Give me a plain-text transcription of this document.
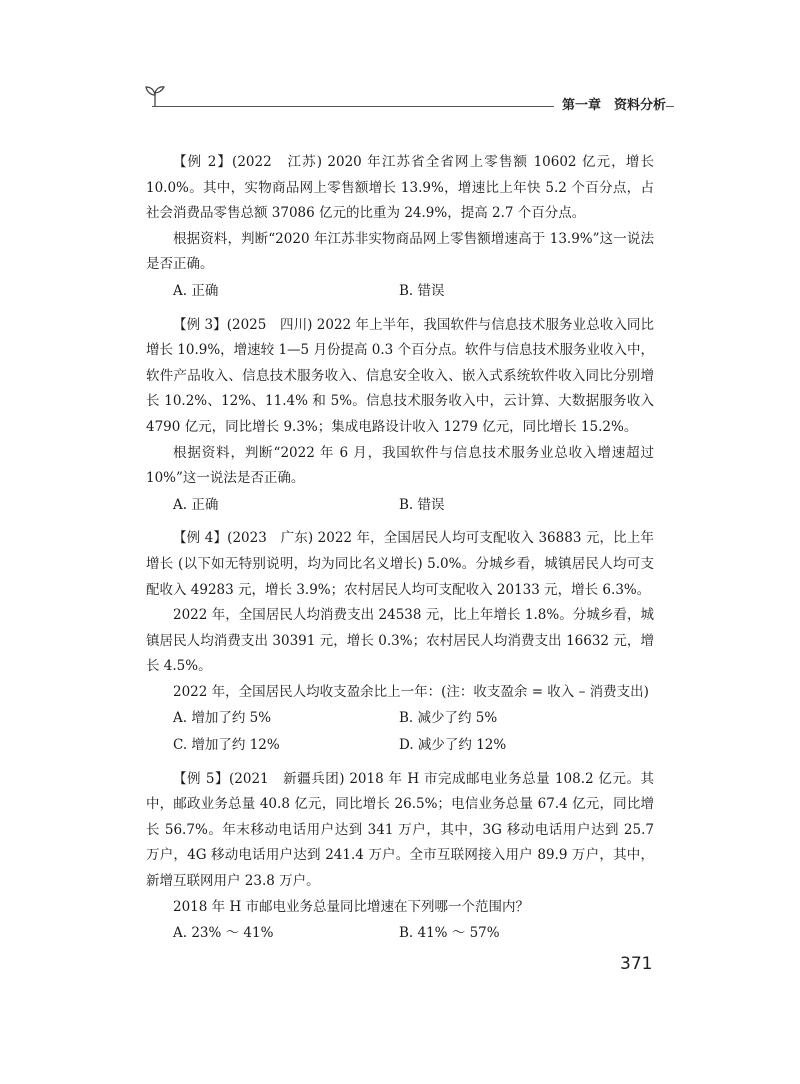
第一章　资料分析

【例 2】(2022　江苏) 2020 年江苏省全省网上零售额 10602 亿元，增长 10.0%。其中，实物商品网上零售额增长 13.9%，增速比上年快 5.2 个百分点，占社会消费品零售总额 37086 亿元的比重为 24.9%，提高 2.7 个百分点。

根据资料，判断“2020 年江苏非实物商品网上零售额增速高于 13.9%”这一说法是否正确。

A. 正确	B. 错误

【例 3】(2025　四川) 2022 年上半年，我国软件与信息技术服务业总收入同比增长 10.9%，增速较 1—5 月份提高 0.3 个百分点。软件与信息技术服务业收入中，软件产品收入、信息技术服务收入、信息安全收入、嵌入式系统软件收入同比分别增长 10.2%、12%、11.4% 和 5%。信息技术服务收入中，云计算、大数据服务收入 4790 亿元，同比增长 9.3%；集成电路设计收入 1279 亿元，同比增长 15.2%。

根据资料，判断“2022 年 6 月，我国软件与信息技术服务业总收入增速超过 10%”这一说法是否正确。

A. 正确	B. 错误

【例 4】(2023　广东) 2022 年，全国居民人均可支配收入 36883 元，比上年增长 (以下如无特别说明，均为同比名义增长) 5.0%。分城乡看，城镇居民人均可支配收入 49283 元，增长 3.9%；农村居民人均可支配收入 20133 元，增长 6.3%。

2022 年，全国居民人均消费支出 24538 元，比上年增长 1.8%。分城乡看，城镇居民人均消费支出 30391 元，增长 0.3%；农村居民人均消费支出 16632 元，增长 4.5%。

2022 年，全国居民人均收支盈余比上一年：(注：收支盈余 = 收入 – 消费支出)

A. 增加了约 5%	B. 减少了约 5%
C. 增加了约 12%	D. 减少了约 12%

【例 5】(2021　新疆兵团) 2018 年 H 市完成邮电业务总量 108.2 亿元。其中，邮政业务总量 40.8 亿元，同比增长 26.5%；电信业务总量 67.4 亿元，同比增长 56.7%。年末移动电话用户达到 341 万户，其中，3G 移动电话用户达到 25.7 万户，4G 移动电话用户达到 241.4 万户。全市互联网接入用户 89.9 万户，其中，新增互联网用户 23.8 万户。

2018 年 H 市邮电业务总量同比增速在下列哪一个范围内？

A. 23% ～ 41%	B. 41% ～ 57%
371
